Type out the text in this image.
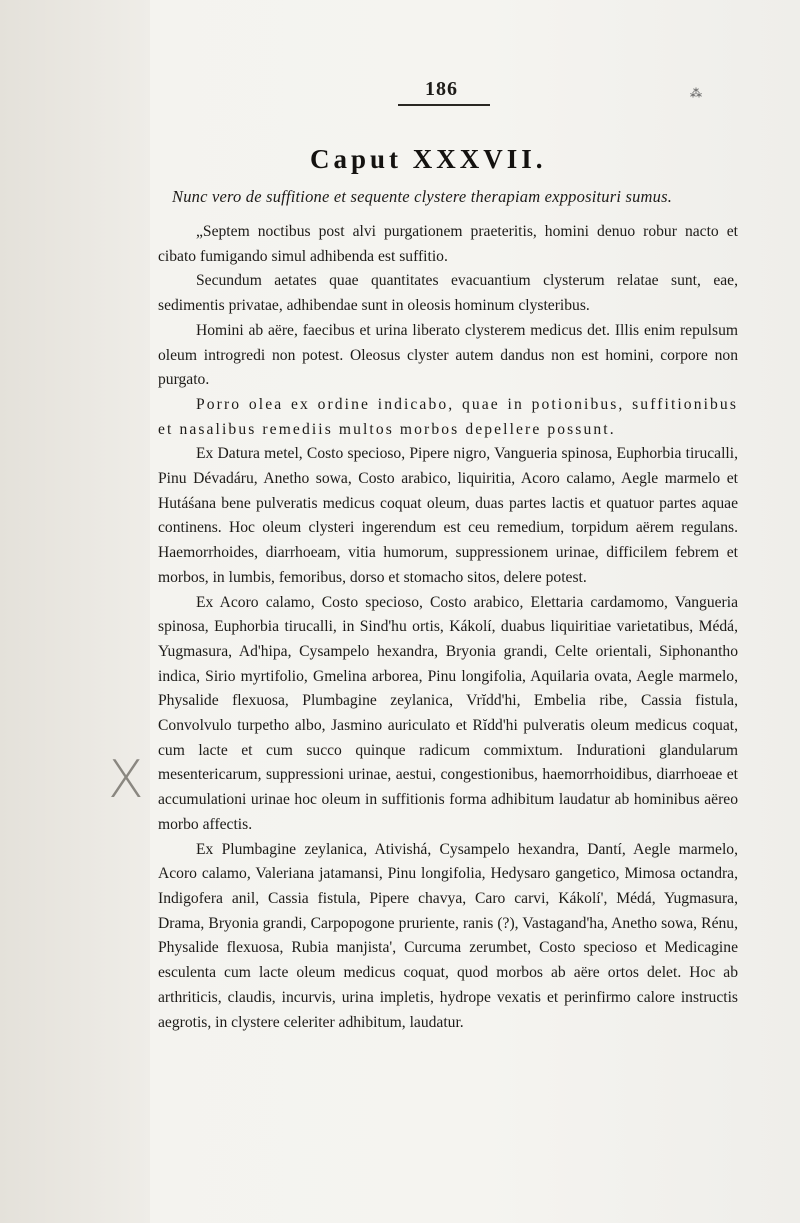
186	⁂
Caput XXXVII.
Nunc vero de suffitione et sequente clystere therapiam expposituri sumus.

„Septem noctibus post alvi purgationem praeteritis, homini denuo robur nacto et cibato fumigando simul adhibenda est suffitio.

Secundum aetates quae quantitates evacuantium clysterum relatae sunt, eae, sedimentis privatae, adhibendae sunt in oleosis hominum clysteribus.

Homini ab aëre, faecibus et urina liberato clysterem medicus det. Illis enim repulsum oleum introgredi non potest. Oleosus clyster autem dandus non est homini, corpore non purgato.

Porro olea ex ordine indicabo, quae in potionibus, suffitionibus et nasalibus remediis multos morbos depellere possunt.

Ex Datura metel, Costo specioso, Pipere nigro, Vangueria spinosa, Euphorbia tirucalli, Pinu Dévadáru, Anetho sowa, Costo arabico, liquiritia, Acoro calamo, Aegle marmelo et Hutáśana bene pulveratis medicus coquat oleum, duas partes lactis et quatuor partes aquae continens. Hoc oleum clysteri ingerendum est ceu remedium, torpidum aërem regulans. Haemorrhoides, diarrhoeam, vitia humorum, suppressionem urinae, difficilem febrem et morbos, in lumbis, femoribus, dorso et stomacho sitos, delere potest.

Ex Acoro calamo, Costo specioso, Costo arabico, Elettaria cardamomo, Vangueria spinosa, Euphorbia tirucalli, in Sind'hu ortis, Kákolí, duabus liquiritiae varietatibus, Médá, Yugmasura, Ad'hipa, Cysampelo hexandra, Bryonia grandi, Celte orientali, Siphonantho indica, Sirio myrtifolio, Gmelina arborea, Pinu longifolia, Aquilaria ovata, Aegle marmelo, Physalide flexuosa, Plumbagine zeylanica, Vrĭdd'hi, Embelia ribe, Cassia fistula, Convolvulo turpetho albo, Jasmino auriculato et Rĭdd'hi pulveratis oleum medicus coquat, cum lacte et cum succo quinque radicum commixtum. Indurationi glandularum mesentericarum, suppressioni urinae, aestui, congestionibus, haemorrhoidibus, diarrhoeae et accumulationi urinae hoc oleum in suffitionis forma adhibitum laudatur ab hominibus aëreo morbo affectis.

Ex Plumbagine zeylanica, Ativishá, Cysampelo hexandra, Dantí, Aegle marmelo, Acoro calamo, Valeriana jatamansi, Pinu longifolia, Hedysaro gangetico, Mimosa octandra, Indigofera anil, Cassia fistula, Pipere chavya, Caro carvi, Kákolí', Médá, Yugmasura, Drama, Bryonia grandi, Carpopogone pruriente, ranis (?), Vastagand'ha, Anetho sowa, Rénu, Physalide flexuosa, Rubia manjista', Curcuma zerumbet, Costo specioso et Medicagine esculenta cum lacte oleum medicus coquat, quod morbos ab aëre ortos delet. Hoc ab arthriticis, claudis, incurvis, urina impletis, hydrope vexatis et perinfirmo calore instructis aegrotis, in clystere celeriter adhibitum, laudatur.

X
